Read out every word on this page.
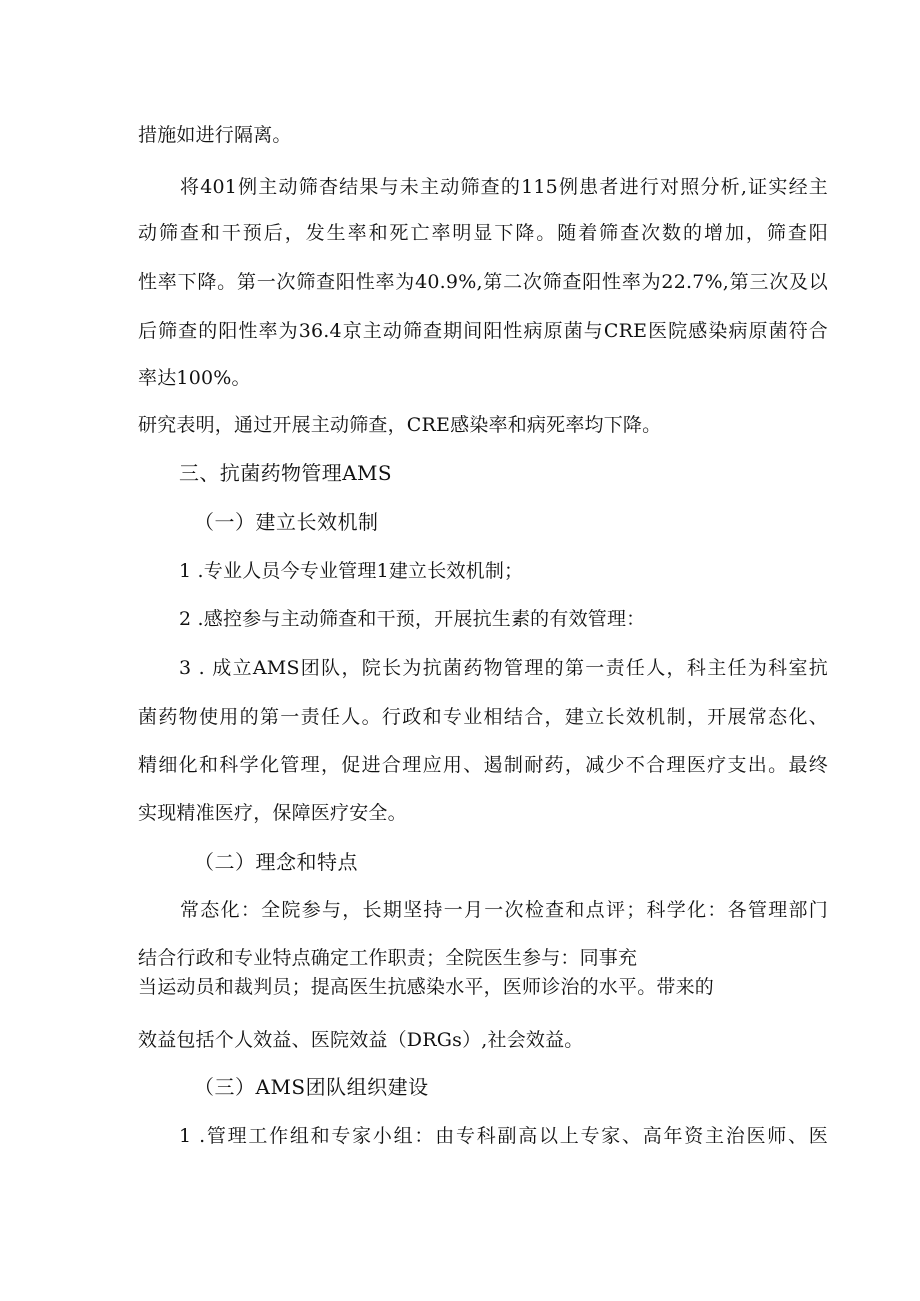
措施如进行隔离。
将401例主动筛杳结果与未主动筛查的115例患者进行对照分析,证实经主
动筛查和干预后，发生率和死亡率明显下降。随着筛查次数的增加，筛查阳
性率下降。第一次筛查阳性率为40.9%,第二次筛查阳性率为22.7%,第三次及以
后筛查的阳性率为36.4京主动筛查期间阳性病原菌与CRE医院感染病原菌符合
率达100%。
研究表明，通过开展主动筛查，CRE感染率和病死率均下降。
三、抗菌药物管理AMS
（一）建立长效机制
1 .专业人员今专业管理1建立长效机制；
2 .感控参与主动筛查和干预，开展抗生素的有效管理：
3 . 成立AMS团队，院长为抗菌药物管理的第一责任人，科主任为科室抗
菌药物使用的第一责任人。行政和专业相结合，建立长效机制，开展常态化、
精细化和科学化管理，促进合理应用、遏制耐药，减少不合理医疗支出。最终
实现精准医疗，保障医疗安全。
（二）理念和特点
常态化：全院参与，长期坚持一月一次检查和点评；科学化：各管理部门
结合行政和专业特点确定工作职责；全院医生参与：同事充
当运动员和裁判员；提高医生抗感染水平，医师诊治的水平。带来的
效益包括个人效益、医院效益（DRGs）,社会效益。
（三）AMS团队组织建设
1 .管理工作组和专家小组：由专科副高以上专家、高年资主治医师、医
